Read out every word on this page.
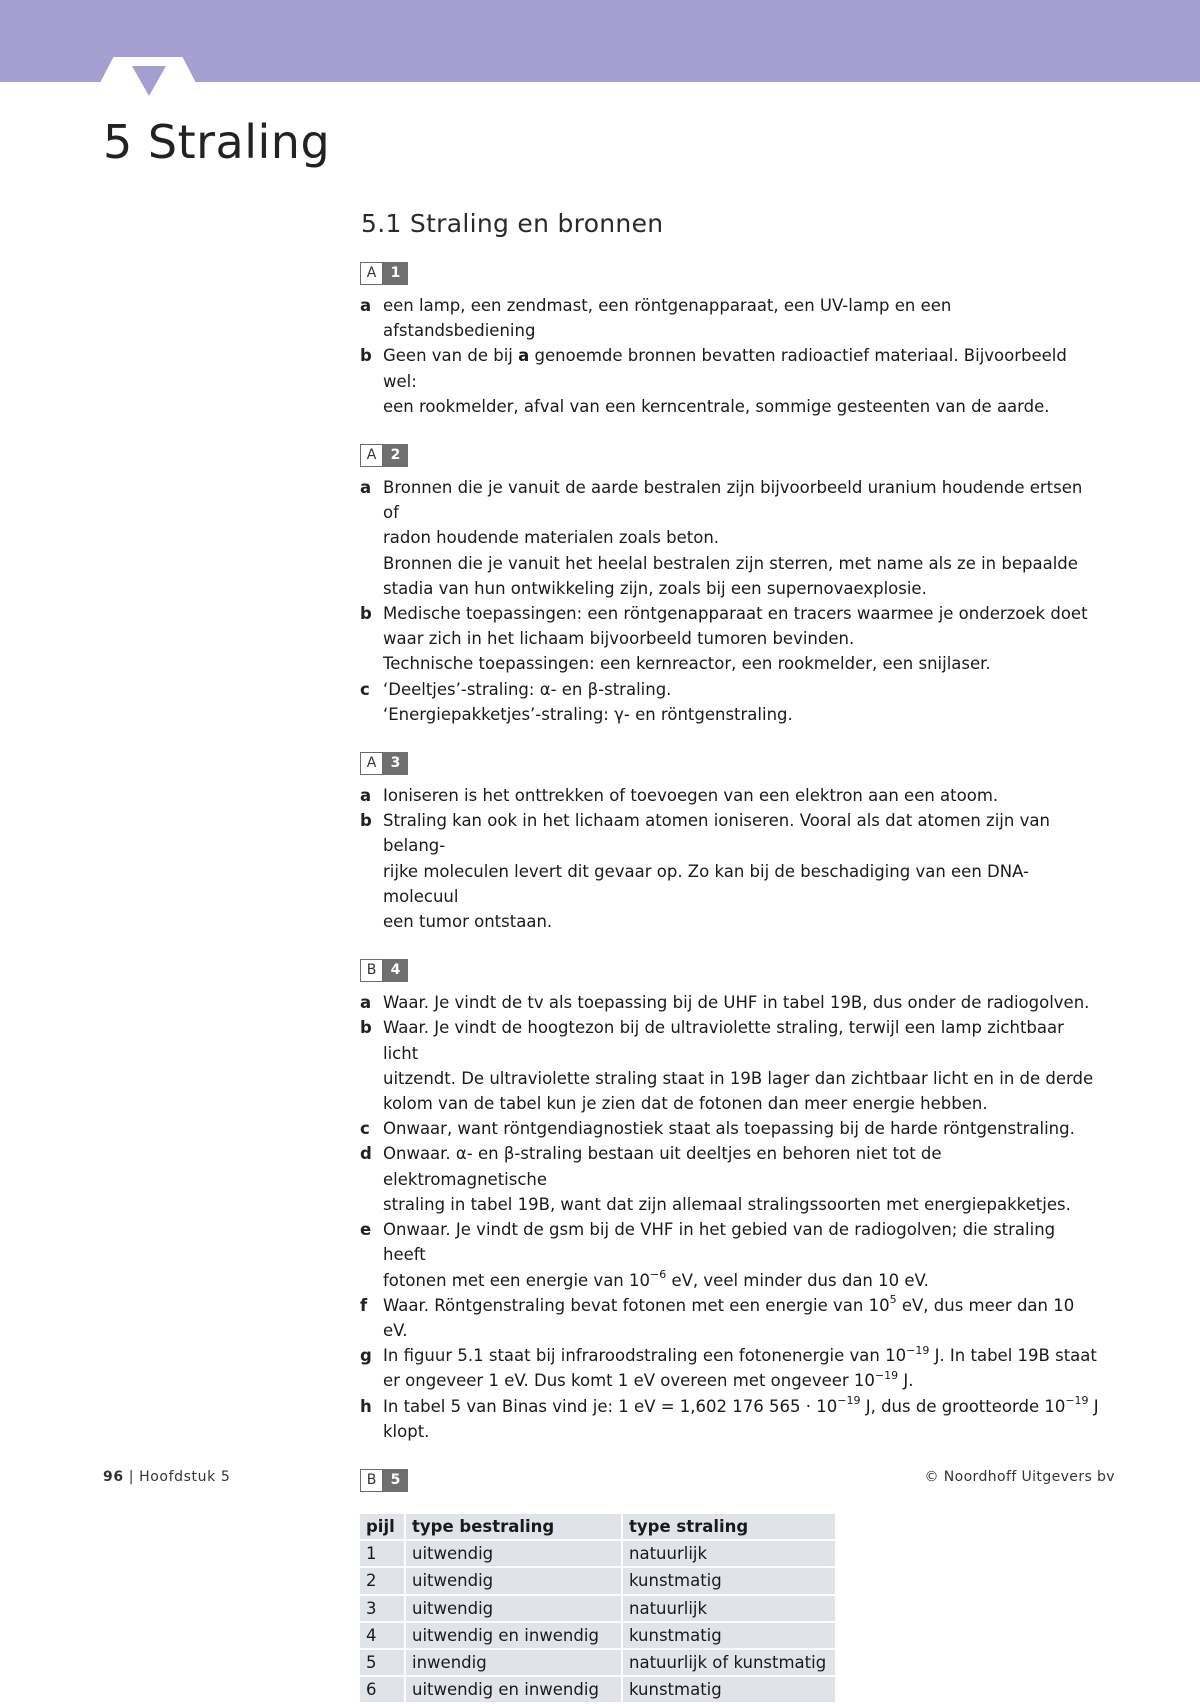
5 Straling
5.1 Straling en bronnen
A	1
a een lamp, een zendmast, een röntgenapparaat, een UV-lamp en een afstandsbediening

b Geen van de bij a genoemde bronnen bevatten radioactief materiaal. Bijvoorbeeld wel:

een rookmelder, afval van een kerncentrale, sommige gesteenten van de aarde.

A	2
a Bronnen die je vanuit de aarde bestralen zijn bijvoorbeeld uranium houdende ertsen of

radon houdende materialen zoals beton.

Bronnen die je vanuit het heelal bestralen zijn sterren, met name als ze in bepaalde

stadia van hun ontwikkeling zijn, zoals bij een supernovaexplosie.

b Medische toepassingen: een röntgenapparaat en tracers waarmee je onderzoek doet

waar zich in het lichaam bijvoorbeeld tumoren bevinden.

Technische toepassingen: een kernreactor, een rookmelder, een snijlaser.

c ‘Deeltjes’-straling: α- en β-straling.

‘Energiepakketjes’-straling: γ- en röntgenstraling.

A	3
a Ioniseren is het onttrekken of toevoegen van een elektron aan een atoom.

b Straling kan ook in het lichaam atomen ioniseren. Vooral als dat atomen zijn van belang-

rijke moleculen levert dit gevaar op. Zo kan bij de beschadiging van een DNA-molecuul

een tumor ontstaan.

B	4
a Waar. Je vindt de tv als toepassing bij de UHF in tabel 19B, dus onder de radiogolven.

b Waar. Je vindt de hoogtezon bij de ultraviolette straling, terwijl een lamp zichtbaar licht

uitzendt. De ultraviolette straling staat in 19B lager dan zichtbaar licht en in de derde

kolom van de tabel kun je zien dat de fotonen dan meer energie hebben.

c Onwaar, want röntgendiagnostiek staat als toepassing bij de harde röntgenstraling.

d Onwaar. α- en β-straling bestaan uit deeltjes en behoren niet tot de elektromagnetische

straling in tabel 19B, want dat zijn allemaal stralingssoorten met energiepakketjes.

e Onwaar. Je vindt de gsm bij de VHF in het gebied van de radiogolven; die straling heeft

fotonen met een energie van $10^{-6}$ eV, veel minder dus dan 10 eV.

f Waar. Röntgenstraling bevat fotonen met een energie van $10^5$ eV, dus meer dan 10 eV.

g In figuur 5.1 staat bij infraroodstraling een fotonenergie van $10^{-19}$ J. In tabel 19B staat

er ongeveer 1 eV. Dus komt 1 eV overeen met ongeveer $10^{-19}$ J.

h In tabel 5 van Binas vind je: 1 eV = 1,602 176 $565 \cdot 10^{-19}$ J, dus de grootteorde $10^{-19}$ J

klopt.

B	5
pijl	type bestraling	type straling
1	uitwendig	natuurlijk
2	uitwendig	kunstmatig
3	uitwendig	natuurlijk
4	uitwendig en inwendig	kunstmatig
5	inwendig	natuurlijk of kunstmatig
6	uitwendig en inwendig	kunstmatig
96 | Hoofdstuk 5	© Noordhoff Uitgevers bv
